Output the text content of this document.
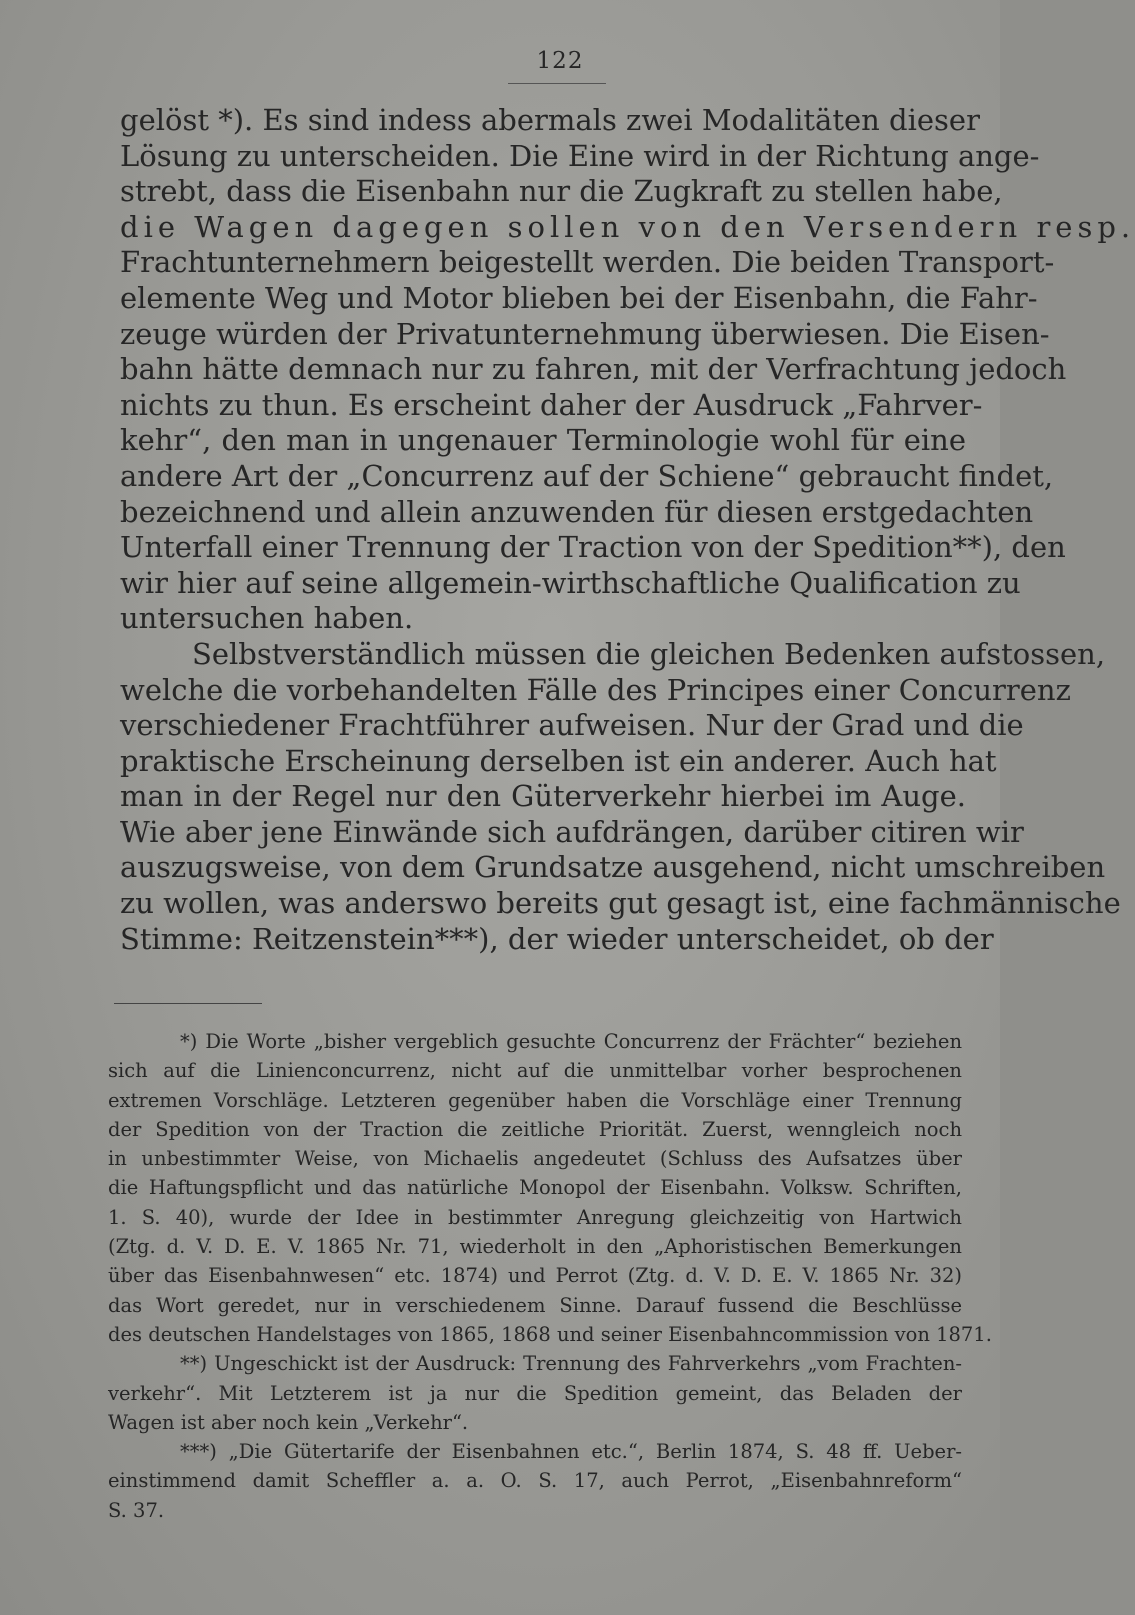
122
gelöst *). Es sind indess abermals zwei Modalitäten dieser
Lösung zu unterscheiden. Die Eine wird in der Richtung ange-
strebt, dass die Eisenbahn nur die Zugkraft zu stellen habe,
die Wagen dagegen sollen von den Versendern resp.
Frachtunternehmern beigestellt werden. Die beiden Transport-
elemente Weg und Motor blieben bei der Eisenbahn, die Fahr-
zeuge würden der Privatunternehmung überwiesen. Die Eisen-
bahn hätte demnach nur zu fahren, mit der Verfrachtung jedoch
nichts zu thun. Es erscheint daher der Ausdruck „Fahrver-
kehr“, den man in ungenauer Terminologie wohl für eine
andere Art der „Concurrenz auf der Schiene“ gebraucht findet,
bezeichnend und allein anzuwenden für diesen erstgedachten
Unterfall einer Trennung der Traction von der Spedition**), den
wir hier auf seine allgemein-wirthschaftliche Qualification zu
untersuchen haben.
Selbstverständlich müssen die gleichen Bedenken aufstossen,
welche die vorbehandelten Fälle des Principes einer Concurrenz
verschiedener Frachtführer aufweisen. Nur der Grad und die
praktische Erscheinung derselben ist ein anderer. Auch hat
man in der Regel nur den Güterverkehr hierbei im Auge.
Wie aber jene Einwände sich aufdrängen, darüber citiren wir
auszugsweise, von dem Grundsatze ausgehend, nicht umschreiben
zu wollen, was anderswo bereits gut gesagt ist, eine fachmännische
Stimme: Reitzenstein***), der wieder unterscheidet, ob der
*) Die Worte „bisher vergeblich gesuchte Concurrenz der Frächter“ beziehen
sich auf die Linienconcurrenz, nicht auf die unmittelbar vorher besprochenen
extremen Vorschläge. Letzteren gegenüber haben die Vorschläge einer Trennung
der Spedition von der Traction die zeitliche Priorität. Zuerst, wenngleich noch
in unbestimmter Weise, von Michaelis angedeutet (Schluss des Aufsatzes über
die Haftungspflicht und das natürliche Monopol der Eisenbahn. Volksw. Schriften,
1. S. 40), wurde der Idee in bestimmter Anregung gleichzeitig von Hartwich
(Ztg. d. V. D. E. V. 1865 Nr. 71, wiederholt in den „Aphoristischen Bemerkungen
über das Eisenbahnwesen“ etc. 1874) und Perrot (Ztg. d. V. D. E. V. 1865 Nr. 32)
das Wort geredet, nur in verschiedenem Sinne. Darauf fussend die Beschlüsse
des deutschen Handelstages von 1865, 1868 und seiner Eisenbahncommission von 1871.
**) Ungeschickt ist der Ausdruck: Trennung des Fahrverkehrs „vom Frachten-
verkehr“. Mit Letzterem ist ja nur die Spedition gemeint, das Beladen der
Wagen ist aber noch kein „Verkehr“.
***) „Die Gütertarife der Eisenbahnen etc.“, Berlin 1874, S. 48 ff. Ueber-
einstimmend damit Scheffler a. a. O. S. 17, auch Perrot, „Eisenbahnreform“
S. 37.
